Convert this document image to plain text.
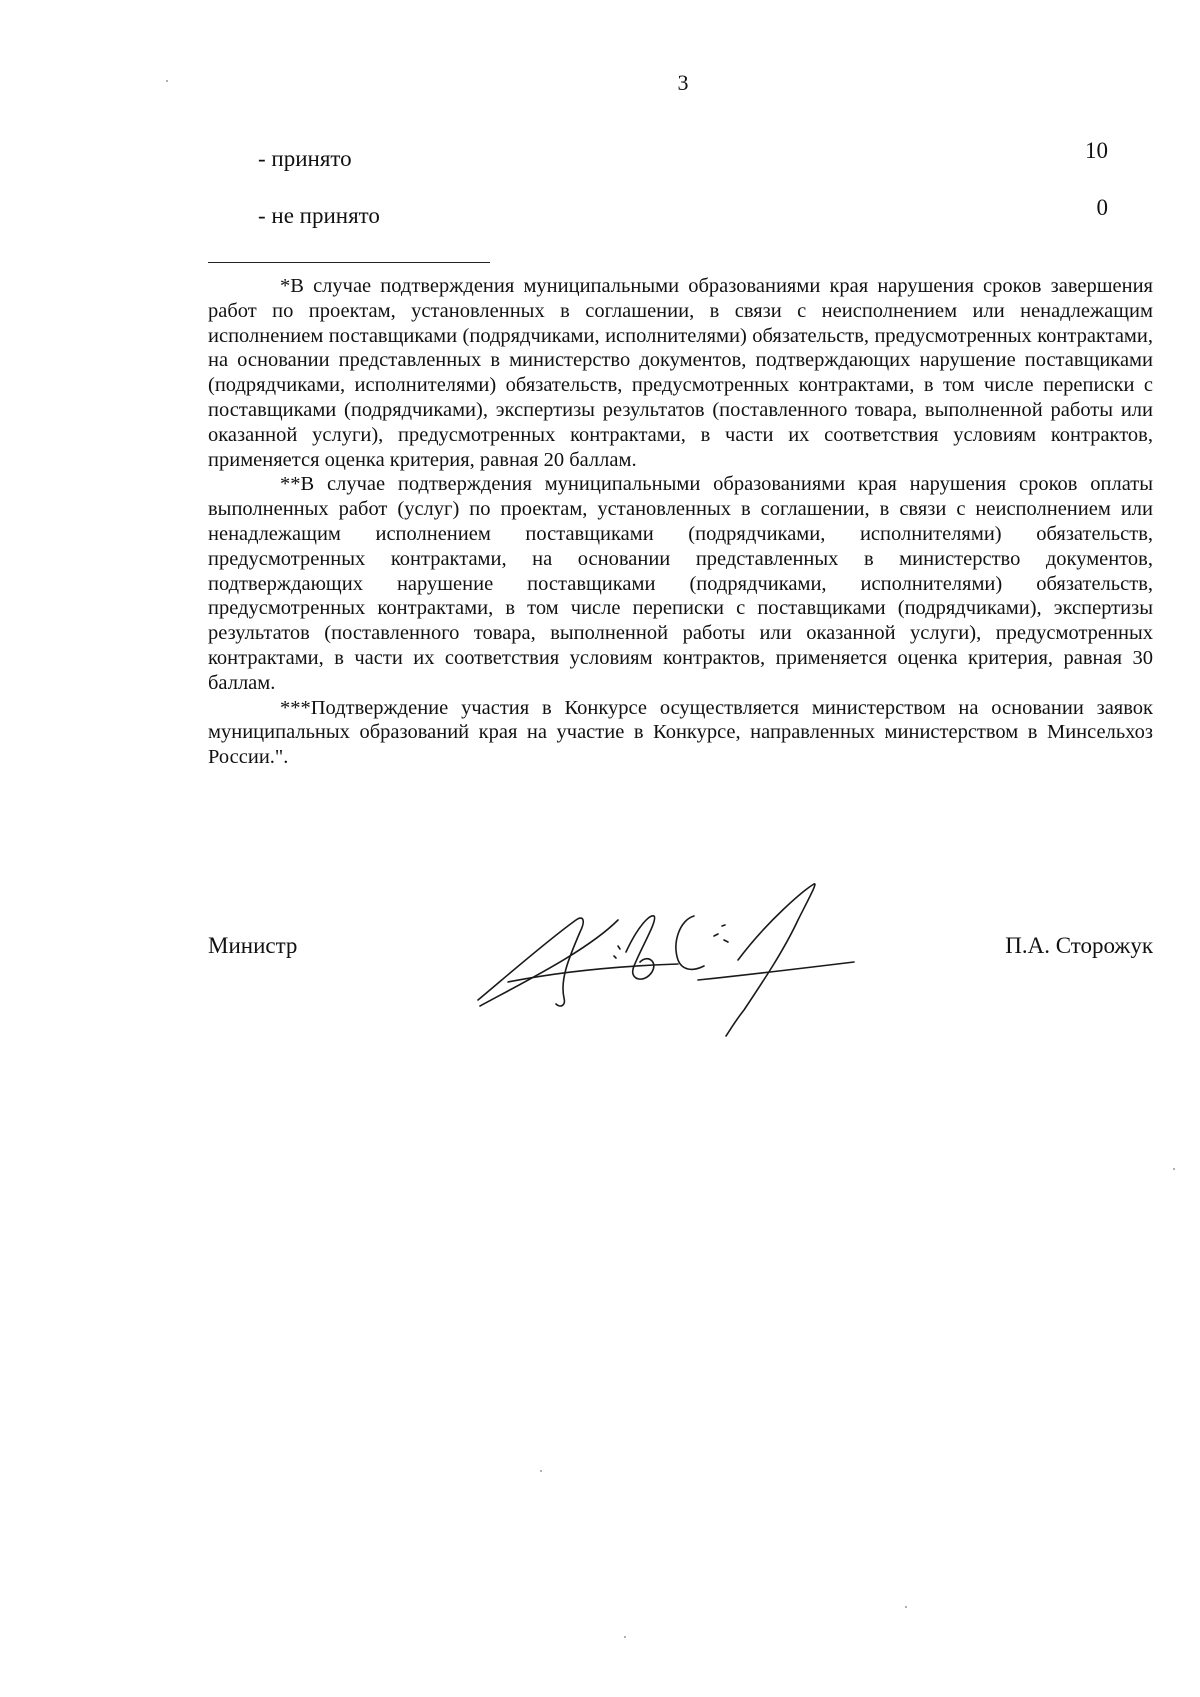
3
- принято	10
- не принято	0

*В случае подтверждения муниципальными образованиями края нарушения сроков завершения работ по проектам, установленных в соглашении, в связи с неисполнением или ненадлежащим исполнением поставщиками (подрядчиками, исполнителями) обязательств, предусмотренных контрактами, на основании представленных в министерство документов, подтверждающих нарушение поставщиками (подрядчиками, исполнителями) обязательств, предусмотренных контрактами, в том числе переписки с поставщиками (подрядчиками), экспертизы результатов (поставленного товара, выполненной работы или оказанной услуги), предусмотренных контрактами, в части их соответствия условиям контрактов, применяется оценка критерия, равная 20 баллам.

**В случае подтверждения муниципальными образованиями края нарушения сроков оплаты выполненных работ (услуг) по проектам, установленных в соглашении, в связи с неисполнением или ненадлежащим исполнением поставщиками (подрядчиками, исполнителями) обязательств, предусмотренных контрактами, на основании представленных в министерство документов, подтверждающих нарушение поставщиками (подрядчиками, исполнителями) обязательств, предусмотренных контрактами, в том числе переписки с поставщиками (подрядчиками), экспертизы результатов (поставленного товара, выполненной работы или оказанной услуги), предусмотренных контрактами, в части их соответствия условиям контрактов, применяется оценка критерия, равная 30 баллам.

***Подтверждение участия в Конкурсе осуществляется министерством на основании заявок муниципальных образований края на участие в Конкурсе, направленных министерством в Минсельхоз России.".

Министр	П.А. Сторожук
